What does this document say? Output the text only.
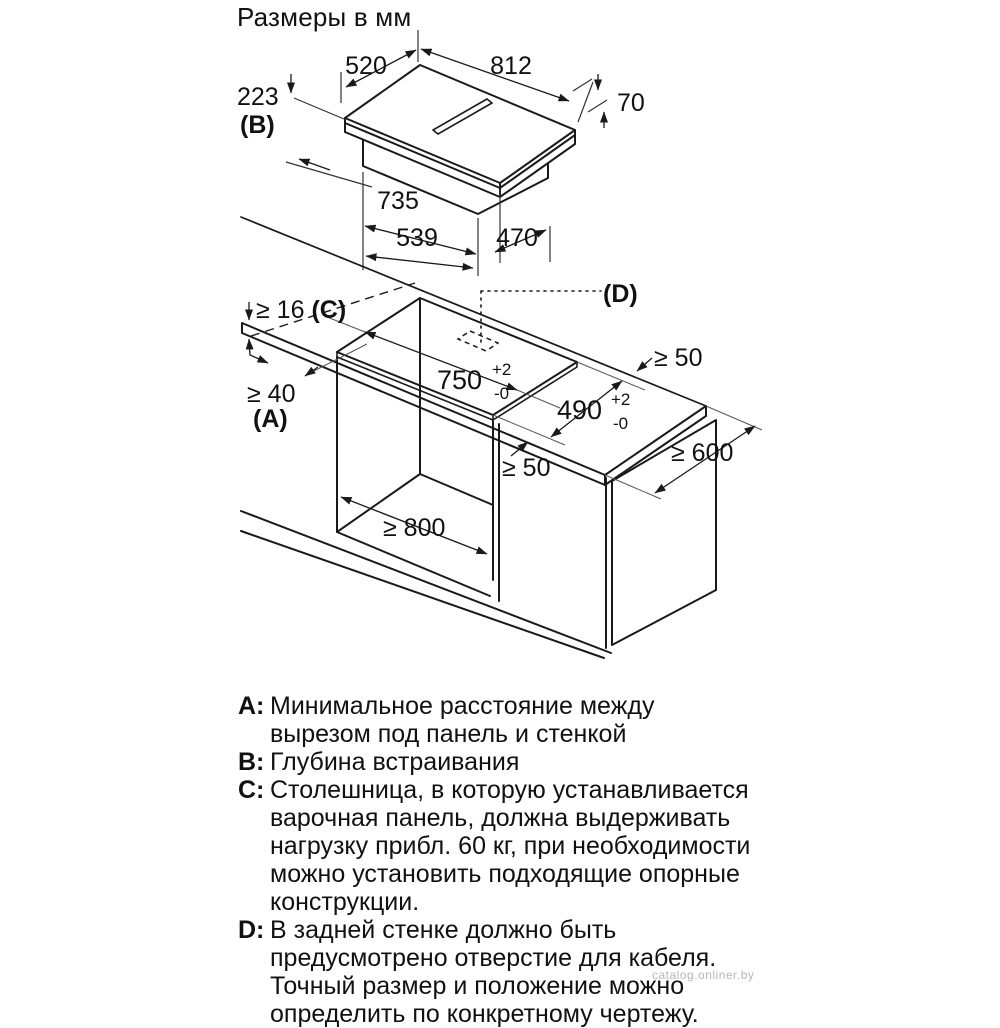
Размеры в мм
520	812
223
(B)
70
735
539 470
≥ 16 (C)
≥ 40
(A)
750 +2
-0
490 +2
-0
≥ 50
≥ 50
≥ 600
≥ 800
(D)
A: Минимальное расстояние между
вырезом под панель и стенкой
B: Глубина встраивания
C: Столешница, в которую устанавливается
варочная панель, должна выдерживать
нагрузку прибл. 60 кг, при необходимости
можно установить подходящие опорные
конструкции.
D: В задней стенке должно быть
предусмотрено отверстие для кабеля.
Точный размер и положение можно
определить по конкретному чертежу.
catalog.onliner.by
